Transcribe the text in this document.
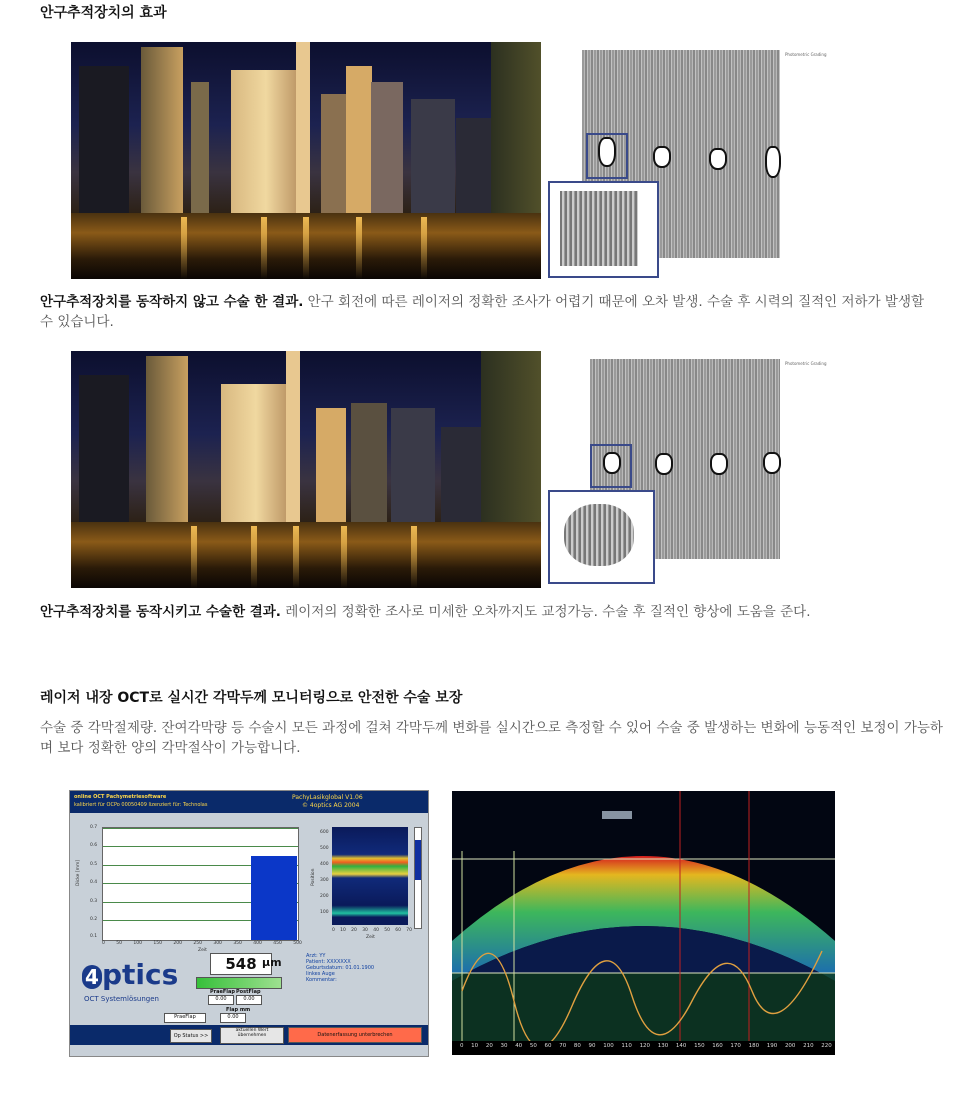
안구추적장치의 효과
Photometric Grading
안구추적장치를 동작하지 않고 수술 한 결과. 안구 회전에 따른 레이저의 정확한 조사가 어렵기 때문에 오차 발생. 수술 후 시력의 질적인 저하가 발생할 수 있습니다.
Photometric Grading
안구추적장치를 동작시키고 수술한 결과. 레이저의 정확한 조사로 미세한 오차까지도 교정가능. 수술 후 질적인 향상에 도움을 준다.
레이저 내장 OCT로 실시간 각막두께 모니터링으로 안전한 수술 보장
수술 중 각막절제량. 잔여각막량 등 수술시 모든 과정에 걸쳐 각막두께 변화를 실시간으로 측정할 수 있어 수술 중 발생하는 변화에 능동적인 보정이 가능하며 보다 정확한 양의 각막절삭이 가능합니다.
online OCT Pachymetriesoftware
kalibriert für OCPo 00050409 lizenziert für: Technolas
PachyLasikglobal V1.06
© 4optics AG 2004
0.7
0.6
0.5
0.4
0.3
0.2
0.1
Dicke [mm]
0	50	100	150	200	250	300	350	400	450	500
Zeit
600
500
400
300
200
100
Position
0 10 20 30 40 50 60 70
Zeit
548 µm	Arzt: YY
Patient: XXXXXXX
Geburtsdatum: 01.01.1900
linkes Auge
Kommentar:
4 ptics
OCT Systemlösungen
PraeFlap PostFlap
0.00	0.00
Flap mm
0.00
PraeFlap
Op Status >>
aktuellen Wert übernehmen	Datenerfassung unterbrechen
0 10 20 30 40 50 60 70 80 90 100 110 120 130 140 150 160 170 180 190 200 210 220
